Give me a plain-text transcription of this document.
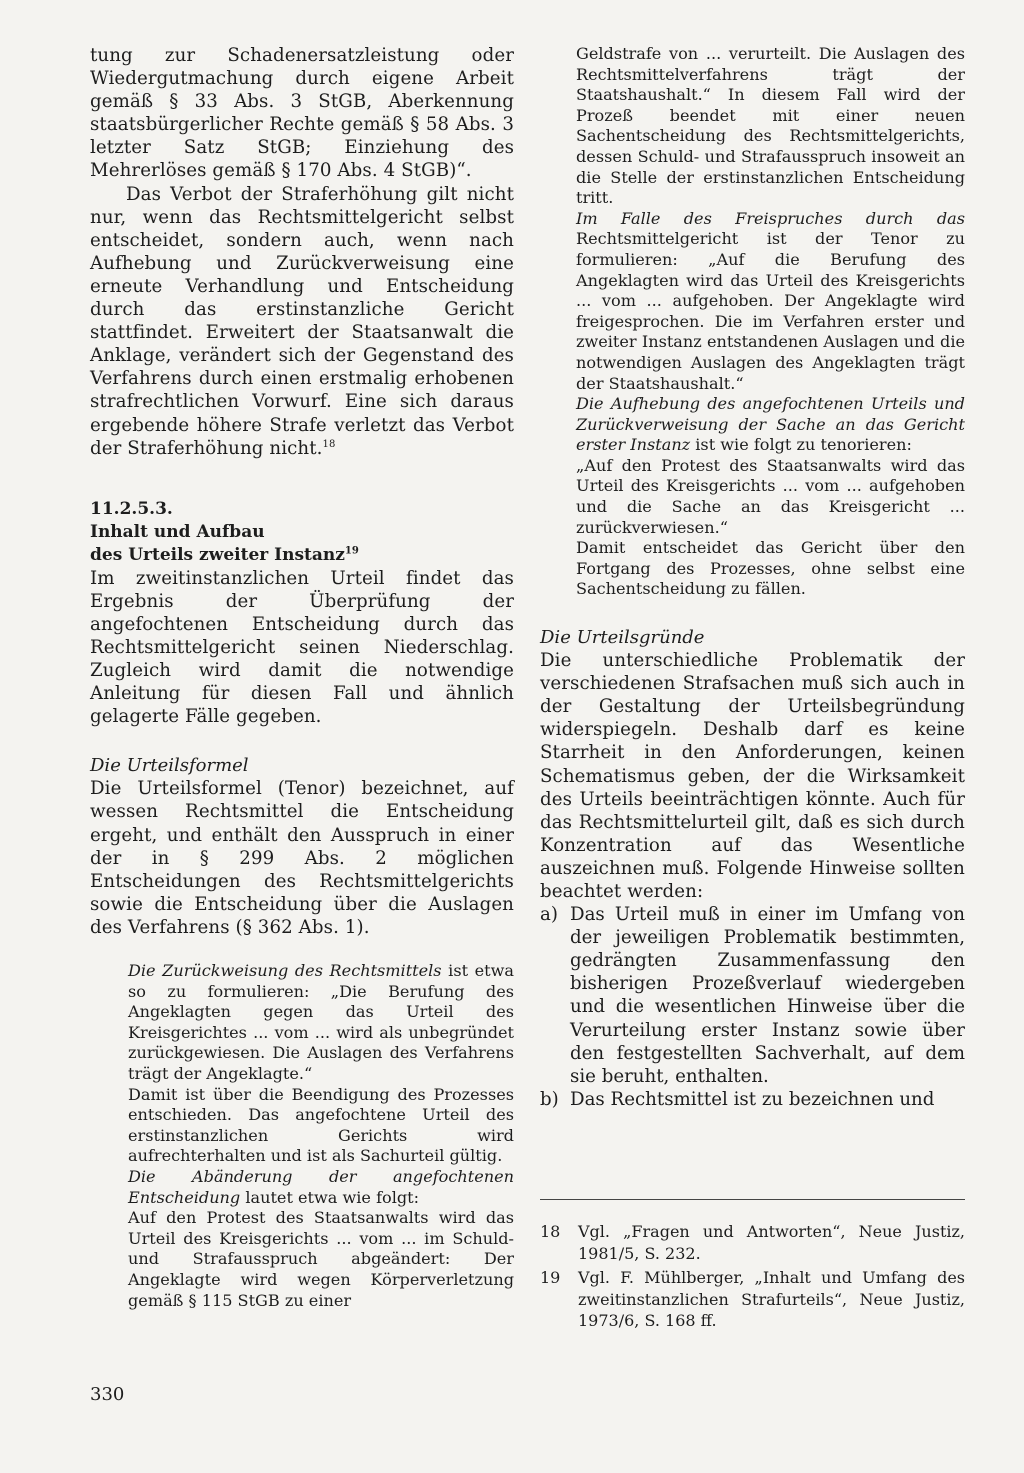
tung zur Schadenersatzleistung oder Wiedergutmachung durch eigene Arbeit gemäß § 33 Abs. 3 StGB, Aberkennung staatsbürgerlicher Rechte gemäß § 58 Abs. 3 letzter Satz StGB; Einziehung des Mehrerlöses gemäß § 170 Abs. 4 StGB)“.

Das Verbot der Straferhöhung gilt nicht nur, wenn das Rechtsmittelgericht selbst entscheidet, sondern auch, wenn nach Aufhebung und Zurückverweisung eine erneute Verhandlung und Entscheidung durch das erstinstanzliche Gericht stattfindet. Erweitert der Staatsanwalt die Anklage, verändert sich der Gegenstand des Verfahrens durch einen erstmalig erhobenen strafrechtlichen Vorwurf. Eine sich daraus ergebende höhere Strafe verletzt das Verbot der Straferhöhung nicht.$^{18}$

11.2.5.3.

Inhalt und Aufbau

des Urteils zweiter Instanz$^{19}$

Im zweitinstanzlichen Urteil findet das Ergebnis der Überprüfung der angefochtenen Entscheidung durch das Rechtsmittelgericht seinen Niederschlag. Zugleich wird damit die notwendige Anleitung für diesen Fall und ähnlich gelagerte Fälle gegeben.

Die Urteilsformel

Die Urteilsformel (Tenor) bezeichnet, auf wessen Rechtsmittel die Entscheidung ergeht, und enthält den Ausspruch in einer der in § 299 Abs. 2 möglichen Entscheidungen des Rechtsmittelgerichts sowie die Entscheidung über die Auslagen des Verfahrens (§ 362 Abs. 1).

Die Zurückweisung des Rechtsmittels ist etwa so zu formulieren: „Die Berufung des Angeklagten gegen das Urteil des Kreisgerichtes ... vom ... wird als unbegründet zurückgewiesen. Die Auslagen des Verfahrens trägt der Angeklagte.“

Damit ist über die Beendigung des Prozesses entschieden. Das angefochtene Urteil des erstinstanzlichen Gerichts wird aufrechterhalten und ist als Sachurteil gültig.

Die Abänderung der angefochtenen Entscheidung lautet etwa wie folgt:

Auf den Protest des Staatsanwalts wird das Urteil des Kreisgerichts ... vom ... im Schuld- und Strafausspruch abgeändert: Der Angeklagte wird wegen Körperverletzung gemäß § 115 StGB zu einer

Geldstrafe von ... verurteilt. Die Auslagen des Rechtsmittelverfahrens trägt der Staatshaushalt.“ In diesem Fall wird der Prozeß beendet mit einer neuen Sachentscheidung des Rechtsmittelgerichts, dessen Schuld- und Strafausspruch insoweit an die Stelle der erstinstanzlichen Entscheidung tritt.

Im Falle des Freispruches durch das Rechtsmittelgericht ist der Tenor zu formulieren: „Auf die Berufung des Angeklagten wird das Urteil des Kreisgerichts ... vom ... aufgehoben. Der Angeklagte wird freigesprochen. Die im Verfahren erster und zweiter Instanz entstandenen Auslagen und die notwendigen Auslagen des Angeklagten trägt der Staatshaushalt.“

Die Aufhebung des angefochtenen Urteils und Zurückverweisung der Sache an das Gericht erster Instanz ist wie folgt zu tenorieren:

„Auf den Protest des Staatsanwalts wird das Urteil des Kreisgerichts ... vom ... aufgehoben und die Sache an das Kreisgericht ... zurückverwiesen.“

Damit entscheidet das Gericht über den Fortgang des Prozesses, ohne selbst eine Sachentscheidung zu fällen.

Die Urteilsgründe

Die unterschiedliche Problematik der verschiedenen Strafsachen muß sich auch in der Gestaltung der Urteilsbegründung widerspiegeln. Deshalb darf es keine Starrheit in den Anforderungen, keinen Schematismus geben, der die Wirksamkeit des Urteils beeinträchtigen könnte. Auch für das Rechtsmittelurteil gilt, daß es sich durch Konzentration auf das Wesentliche auszeichnen muß. Folgende Hinweise sollten beachtet werden:

a) Das Urteil muß in einer im Umfang von der jeweiligen Problematik bestimmten, gedrängten Zusammenfassung den bisherigen Prozeßverlauf wiedergeben und die wesentlichen Hinweise über die Verurteilung erster Instanz sowie über den festgestellten Sachverhalt, auf dem sie beruht, enthalten.
b) Das Rechtsmittel ist zu bezeichnen und
18	Vgl. „Fragen und Antworten“, Neue Justiz, 1981/5, S. 232.
19	Vgl. F. Mühlberger, „Inhalt und Umfang des zweitinstanzlichen Strafurteils“, Neue Justiz, 1973/6, S. 168 ff.
330
